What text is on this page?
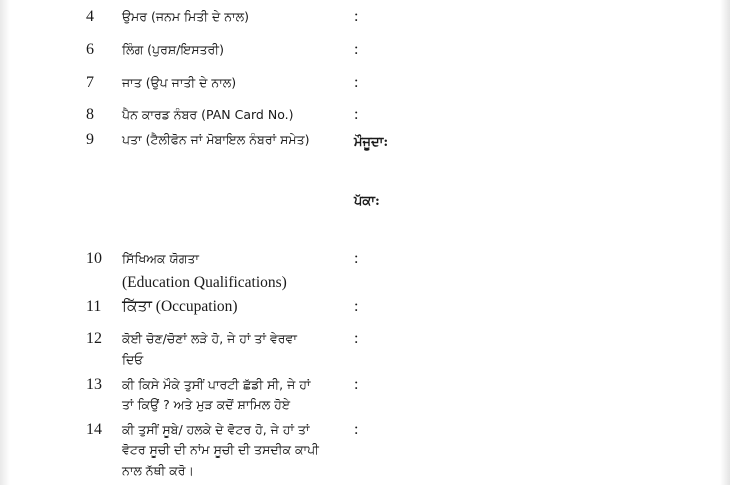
4 ਉਮਰ (ਜਨਮ ਮਿਤੀ ਦੇ ਨਾਲ)	:
6 ਲਿੰਗ (ਪੁਰਸ਼/ਇਸਤਰੀ)	:
7 ਜਾਤ (ਉਪ ਜਾਤੀ ਦੇ ਨਾਲ)	:
8 ਪੈਨ ਕਾਰਡ ਨੰਬਰ (PAN Card No.)	:
9 ਪਤਾ (ਟੈਲੀਫੋਨ ਜਾਂ ਮੋਬਾਇਲ ਨੰਬਰਾਂ ਸਮੇਤ)	ਮੌਜੂਦਾ:
ਪੱਕਾ:
10 ਸਿੱਖਿਅਕ ਯੋਗਤਾ
(Education Qualifications)
:
11 ਕਿੱਤਾ (Occupation)	:
12 ਕੋਈ ਚੋਣ/ਚੋਣਾਂ ਲੜੇ ਹੋ, ਜੇ ਹਾਂ ਤਾਂ ਵੇਰਵਾ
ਦਿਓ
:
13 ਕੀ ਕਿਸੇ ਮੌਕੇ ਤੁਸੀਂ ਪਾਰਟੀ ਛੱਡੀ ਸੀ, ਜੇ ਹਾਂ
ਤਾਂ ਕਿਉਂ ? ਅਤੇ ਮੁੜ ਕਦੋਂ ਸ਼ਾਮਿਲ ਹੋਏ
:
14 ਕੀ ਤੁਸੀਂ ਸੂਬੇ/ ਹਲਕੇ ਦੇ ਵੋਟਰ ਹੋ, ਜੇ ਹਾਂ ਤਾਂ
ਵੋਟਰ ਸੂਚੀ ਦੀ ਨਾਂਮ ਸੂਚੀ ਦੀ ਤਸਦੀਕ ਕਾਪੀ
ਨਾਲ ਨੱਥੀ ਕਰੋ।
:
